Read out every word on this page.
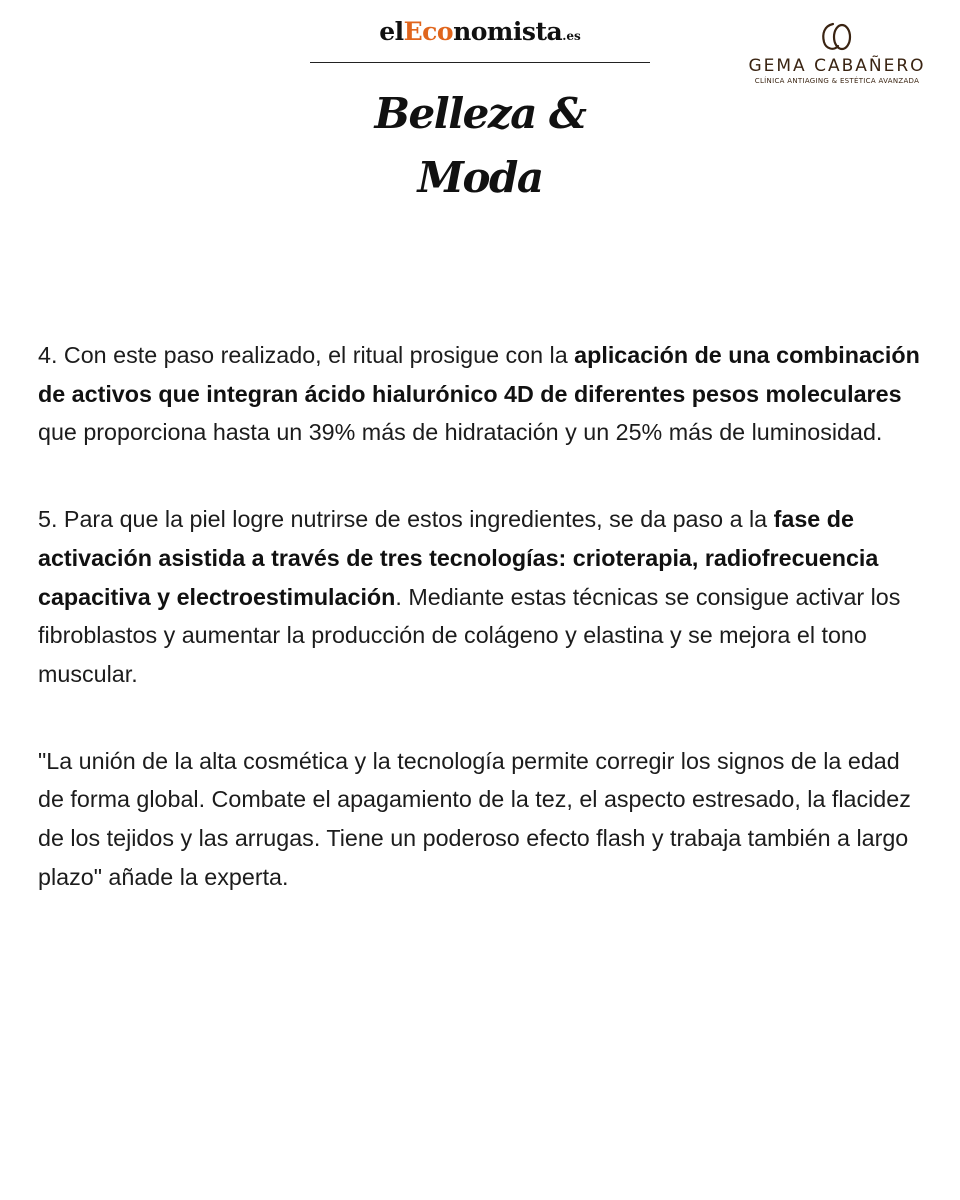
elEconomista.es
Belleza & Moda
GEMA CABAÑERO
CLÍNICA ANTIAGING & ESTÉTICA AVANZADA

4. Con este paso realizado, el ritual prosigue con la aplicación de una combinación de activos que integran ácido hialurónico 4D de diferentes pesos moleculares que proporciona hasta un 39% más de hidratación y un 25% más de luminosidad.

5. Para que la piel logre nutrirse de estos ingredientes, se da paso a la fase de activación asistida a través de tres tecnologías: crioterapia, radiofrecuencia capacitiva y electroestimulación. Mediante estas técnicas se consigue activar los fibroblastos y aumentar la producción de colágeno y elastina y se mejora el tono muscular.

"La unión de la alta cosmética y la tecnología permite corregir los signos de la edad de forma global. Combate el apagamiento de la tez, el aspecto estresado, la flacidez de los tejidos y las arrugas. Tiene un poderoso efecto flash y trabaja también a largo plazo" añade la experta.
